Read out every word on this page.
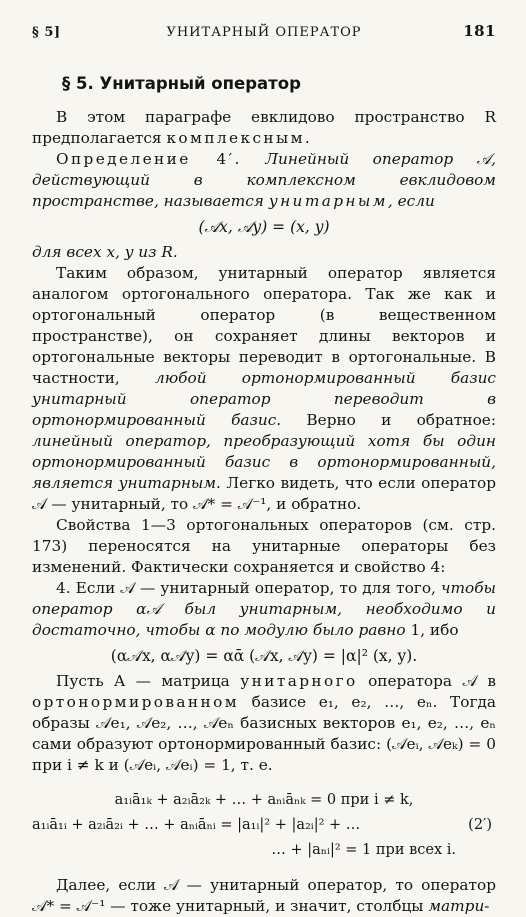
§ 5]	УНИТАРНЫЙ ОПЕРАТОР	181
§ 5. Унитарный оператор

В этом параграфе евклидово пространство R предполагается комплексным.

Определение 4′. Линейный оператор 𝒜, действующий в комплексном евклидовом пространстве, называется унитарным, если

(𝒜x, 𝒜y) = (x, y)

для всех x, y из R.

Таким образом, унитарный оператор является аналогом ортогонального оператора. Так же как и ортогональный оператор (в вещественном пространстве), он сохраняет длины векторов и ортогональные векторы переводит в ортогональные. В частности, любой ортонормированный базис унитарный оператор переводит в ортонормированный базис. Верно и обратное: линейный оператор, преобразующий хотя бы один ортонормированный базис в ортонормированный, является унитарным. Легко видеть, что если оператор 𝒜 — унитарный, то 𝒜* = 𝒜⁻¹, и обратно.

Свойства 1—3 ортогональных операторов (см. стр. 173) переносятся на унитарные операторы без изменений. Фактически сохраняется и свойство 4:

4. Если 𝒜 — унитарный оператор, то для того, чтобы оператор α𝒜 был унитарным, необходимо и достаточно, чтобы α по модулю было равно 1, ибо

(α𝒜x, α𝒜y) = αᾱ (𝒜x, 𝒜y) = |α|² (x, y).

Пусть A — матрица унитарного оператора 𝒜 в ортонормированном базисе e₁, e₂, …, eₙ. Тогда образы 𝒜e₁, 𝒜e₂, …, 𝒜eₙ базисных векторов e₁, e₂, …, eₙ сами образуют ортонормированный базис: (𝒜eᵢ, 𝒜eₖ) = 0 при i ≠ k и (𝒜eᵢ, 𝒜eᵢ) = 1, т. е.

a₁ᵢā₁ₖ + a₂ᵢā₂ₖ + … + aₙᵢāₙₖ = 0 при i ≠ k,
a₁ᵢā₁ᵢ + a₂ᵢā₂ᵢ + … + aₙᵢāₙᵢ = |a₁ᵢ|² + |a₂ᵢ|² + …	(2′)
… + |aₙᵢ|² = 1 при всех i.

Далее, если 𝒜 — унитарный оператор, то оператор 𝒜* = 𝒜⁻¹ — тоже унитарный, и значит, столбцы матри-
